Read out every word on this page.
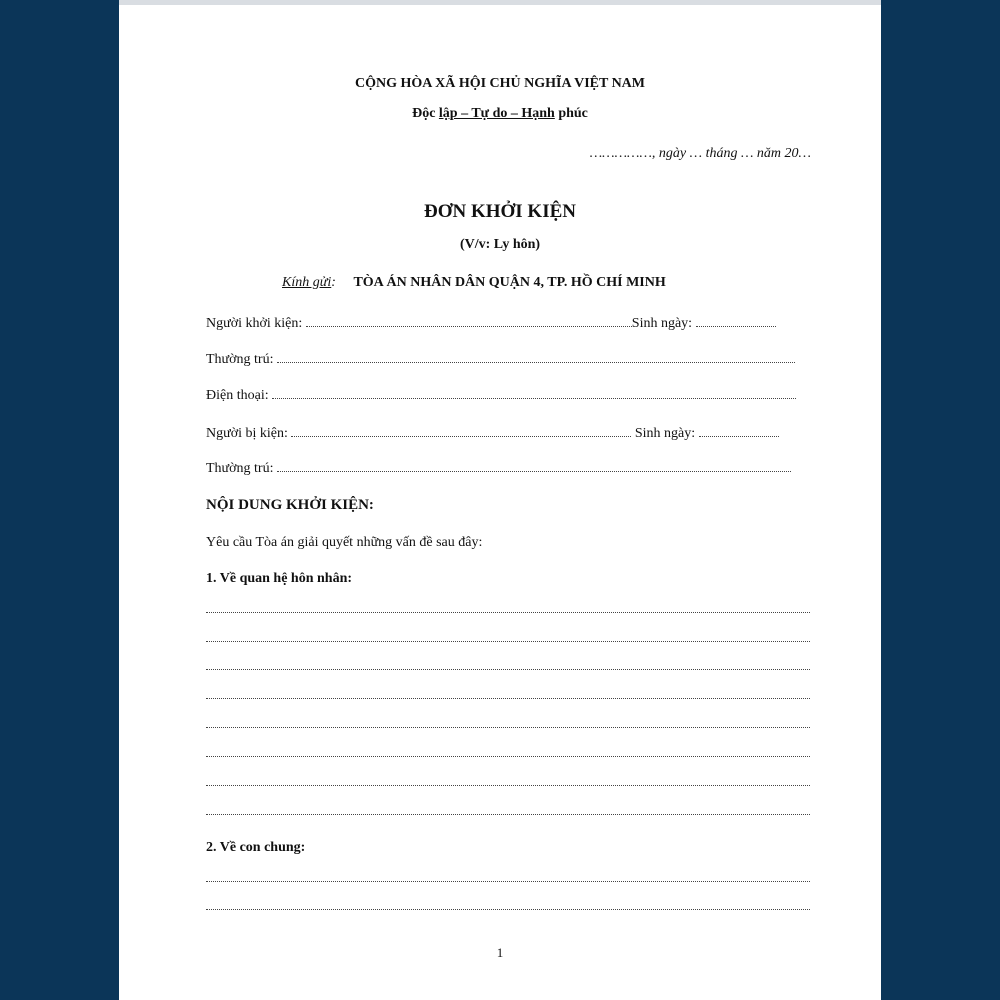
CỘNG HÒA XÃ HỘI CHỦ NGHĨA VIỆT NAM
Độc lập – Tự do – Hạnh phúc
……………, ngày … tháng … năm 20…
ĐƠN KHỞI KIỆN
(V/v: Ly hôn)
Kính gửi: TÒA ÁN NHÂN DÂN QUẬN 4, TP. HỒ CHÍ MINH
Người khởi kiện:	Sinh ngày:
Thường trú:
Điện thoại:
Người bị kiện:	Sinh ngày:
Thường trú:
NỘI DUNG KHỞI KIỆN:
Yêu cầu Tòa án giải quyết những vấn đề sau đây:
1. Về quan hệ hôn nhân:
2. Về con chung:
1
